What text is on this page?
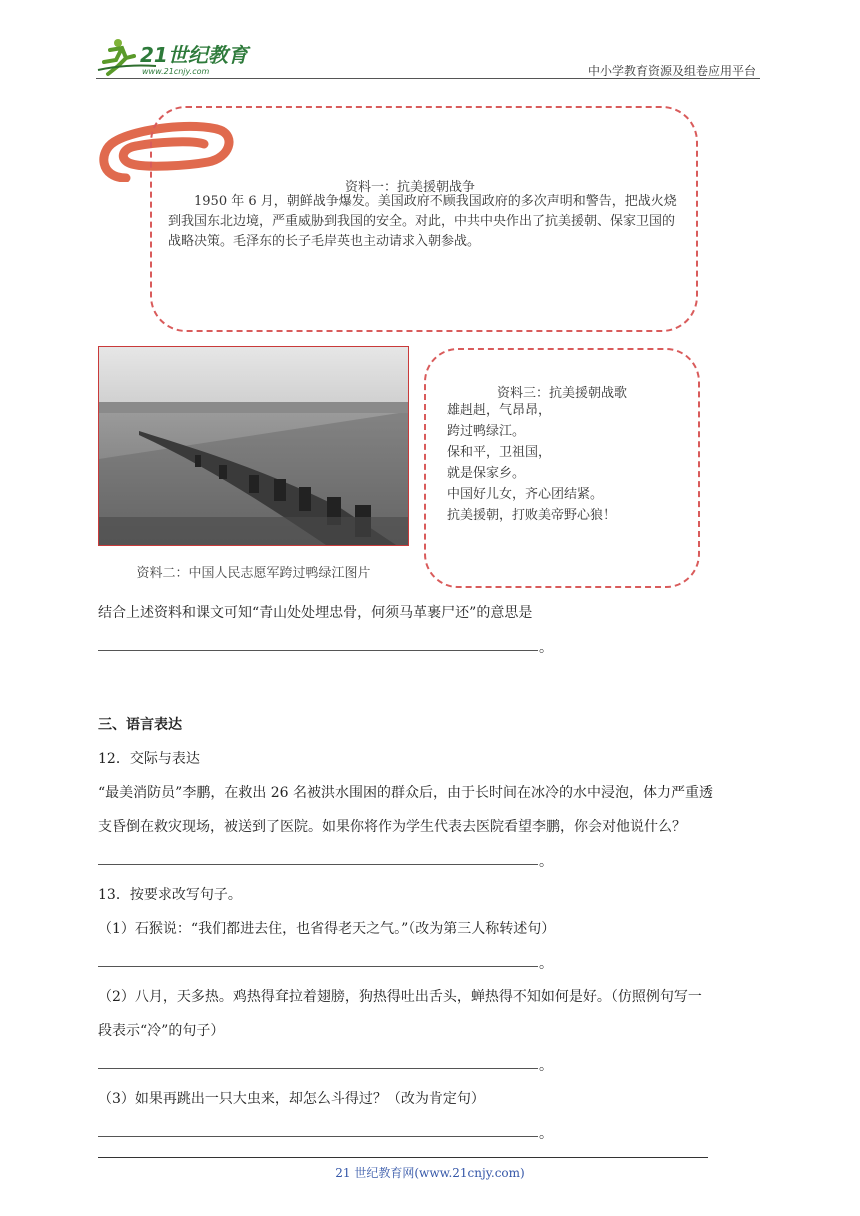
21世纪教育
www.21cnjy.com	中小学教育资源及组卷应用平台
资料一：抗美援朝战争
1950 年 6 月，朝鲜战争爆发。美国政府不顾我国政府的多次声明和警告，把战火烧到我国东北边境，严重威胁到我国的安全。对此，中共中央作出了抗美援朝、保家卫国的战略决策。毛泽东的长子毛岸英也主动请求入朝参战。
资料二：中国人民志愿军跨过鸭绿江图片
资料三：抗美援朝战歌
雄赳赳，气昂昂，
跨过鸭绿江。
保和平，卫祖国，
就是保家乡。
中国好儿女，齐心团结紧。
抗美援朝，打败美帝野心狼！
结合上述资料和课文可知“青山处处埋忠骨，何须马革裹尸还”的意思是
。
三、语言表达
12．交际与表达
“最美消防员”李鹏，在救出 26 名被洪水围困的群众后，由于长时间在冰冷的水中浸泡，体力严重透
支昏倒在救灾现场，被送到了医院。如果你将作为学生代表去医院看望李鹏，你会对他说什么？
。
13．按要求改写句子。
（1）石猴说：“我们都进去住，也省得老天之气。”（改为第三人称转述句）
。
（2）八月，天多热。鸡热得耷拉着翅膀，狗热得吐出舌头，蝉热得不知如何是好。（仿照例句写一
段表示“冷”的句子）
。
（3）如果再跳出一只大虫来，却怎么斗得过？（改为肯定句）
。
21 世纪教育网(www.21cnjy.com)
